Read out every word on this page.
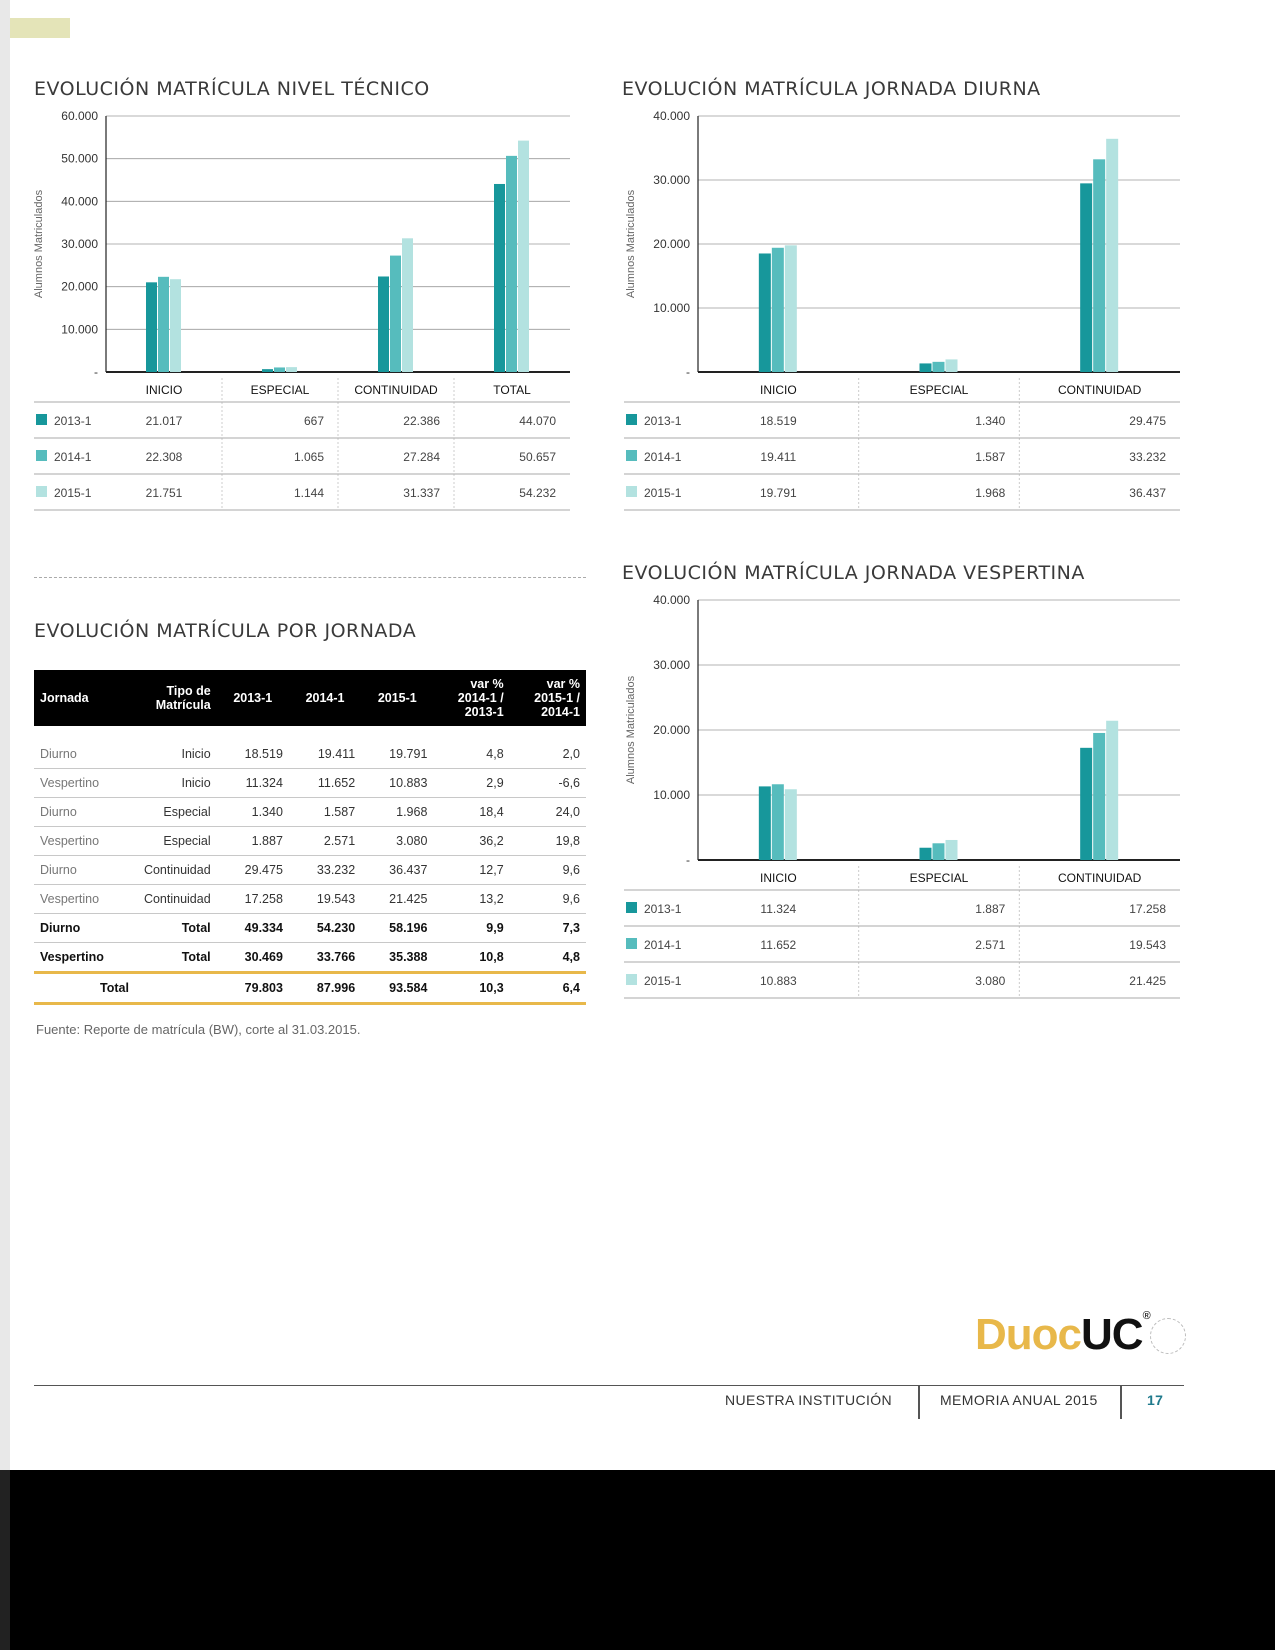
EVOLUCIÓN MATRÍCULA NIVEL TÉCNICO
Alumnos Matriculados
-
10.000
20.000
30.000
40.000
50.000
60.000
INICIO	ESPECIAL	CONTINUIDAD	TOTAL
2013-1	21.017	667	22.386	44.070
2014-1	22.308	1.065	27.284	50.657
2015-1	21.751	1.144	31.337	54.232
EVOLUCIÓN MATRÍCULA JORNADA DIURNA
Alumnos Matriculados
-
10.000
20.000
30.000
40.000
INICIO	ESPECIAL	CONTINUIDAD
2013-1	18.519	1.340	29.475
2014-1	19.411	1.587	33.232
2015-1	19.791	1.968	36.437
EVOLUCIÓN MATRÍCULA JORNADA VESPERTINA
Alumnos Matriculados
-
10.000
20.000
30.000
40.000
INICIO	ESPECIAL	CONTINUIDAD
2013-1	11.324	1.887	17.258
2014-1	11.652	2.571	19.543
2015-1	10.883	3.080	21.425
EVOLUCIÓN MATRÍCULA POR JORNADA
Jornada	Tipo de Matrícula	2013-1	2014-1	2015-1	var % 2014-1 / 2013-1	var % 2015-1 / 2014-1
Diurno	Inicio	18.519	19.411	19.791	4,8	2,0
Vespertino	Inicio	11.324	11.652	10.883	2,9	-6,6
Diurno	Especial	1.340	1.587	1.968	18,4	24,0
Vespertino	Especial	1.887	2.571	3.080	36,2	19,8
Diurno	Continuidad	29.475	33.232	36.437	12,7	9,6
Vespertino	Continuidad	17.258	19.543	21.425	13,2	9,6
Diurno	Total	49.334	54.230	58.196	9,9	7,3
Vespertino	Total	30.469	33.766	35.388	10,8	4,8
Total		79.803	87.996	93.584	10,3	6,4
Fuente: Reporte de matrícula (BW), corte al 31.03.2015.
DuocUC®
NUESTRA INSTITUCIÓN	MEMORIA ANUAL 2015	17
